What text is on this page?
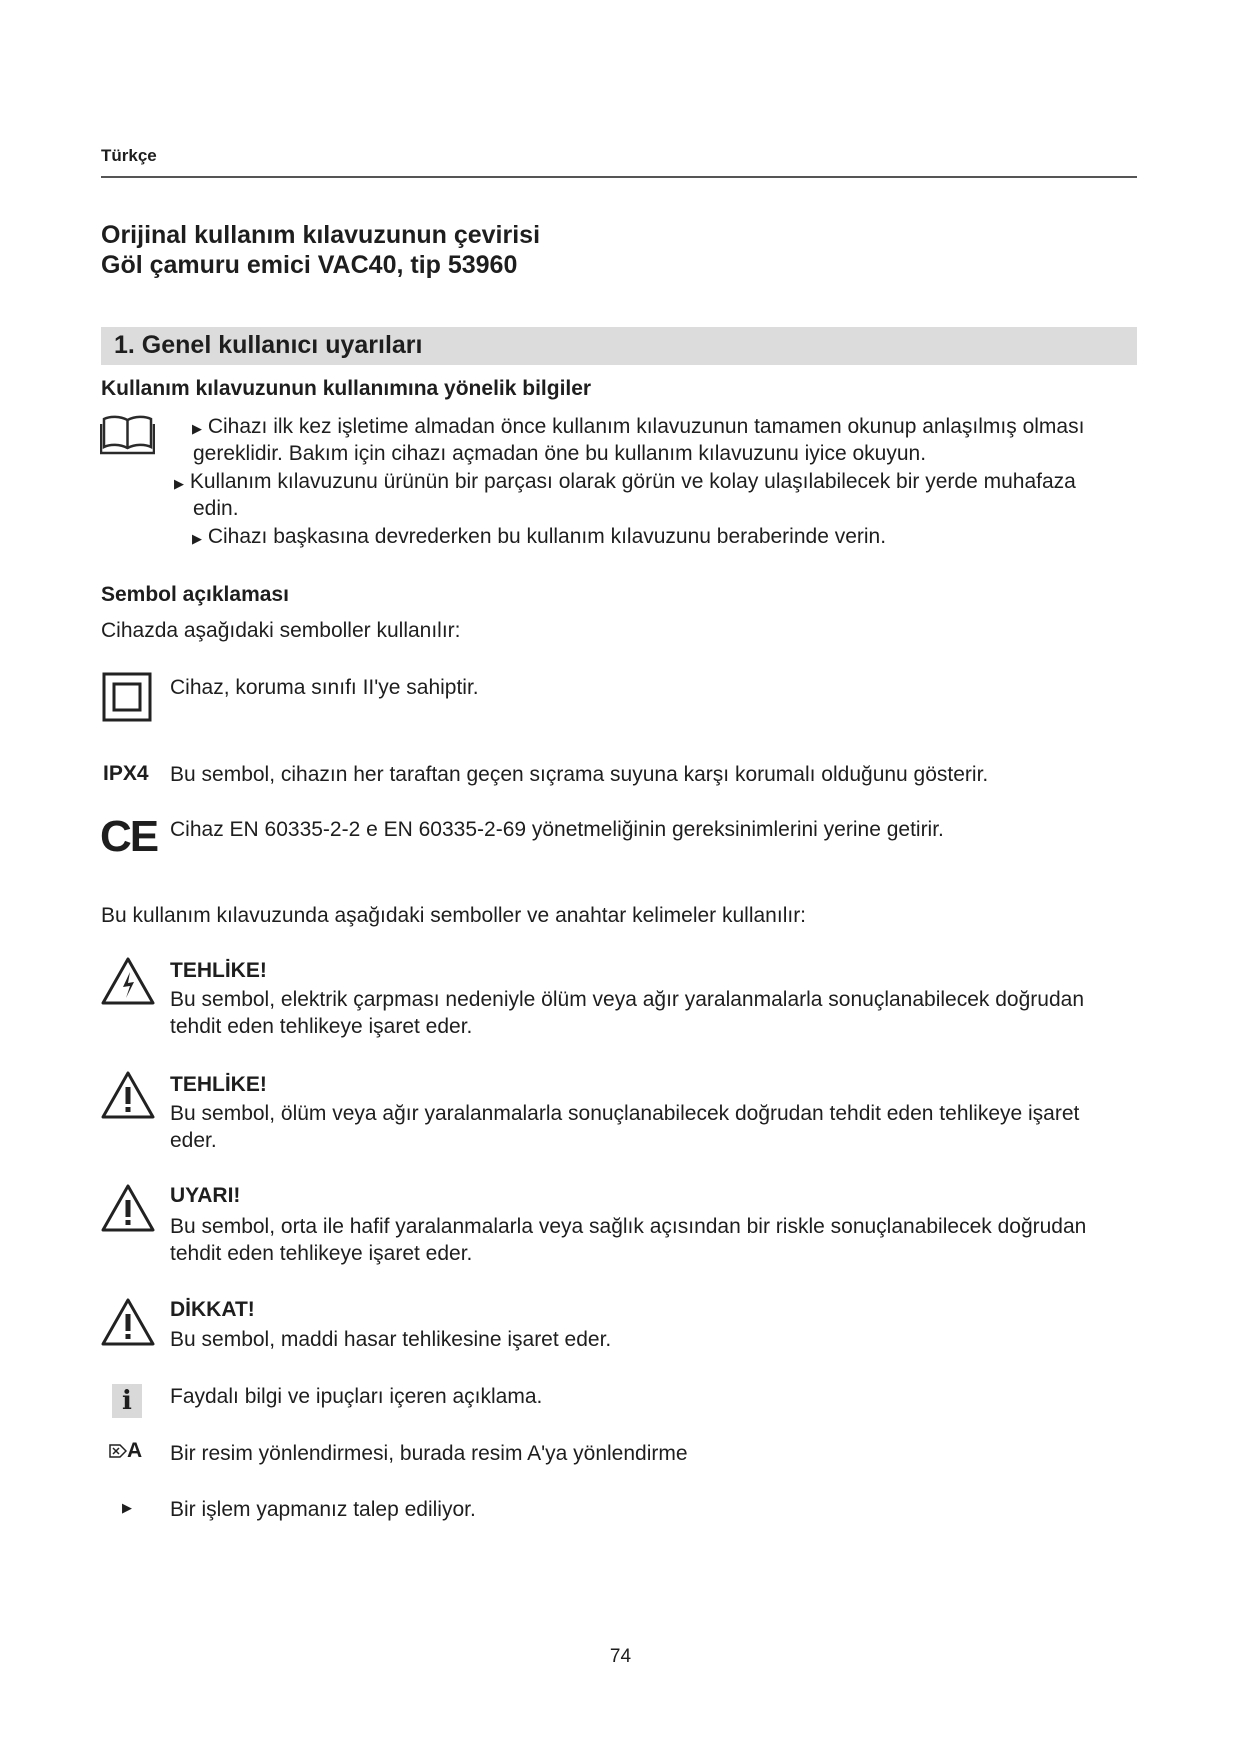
Türkçe
Orijinal kullanım kılavuzunun çevirisi
Göl çamuru emici VAC40, tip 53960
1. Genel kullanıcı uyarıları
Kullanım kılavuzunun kullanımına yönelik bilgiler
▶ Cihazı ilk kez işletime almadan önce kullanım kılavuzunun tamamen okunup anlaşılmış olması
gereklidir. Bakım için cihazı açmadan öne bu kullanım kılavuzunu iyice okuyun.
▶ Kullanım kılavuzunu ürünün bir parçası olarak görün ve kolay ulaşılabilecek bir yerde muhafaza
edin.
▶ Cihazı başkasına devrederken bu kullanım kılavuzunu beraberinde verin.
Sembol açıklaması
Cihazda aşağıdaki semboller kullanılır:
Cihaz, koruma sınıfı II'ye sahiptir.
IPX4 Bu sembol, cihazın her taraftan geçen sıçrama suyuna karşı korumalı olduğunu gösterir.
CE Cihaz EN 60335-2-2 e EN 60335-2-69 yönetmeliğinin gereksinimlerini yerine getirir.
Bu kullanım kılavuzunda aşağıdaki semboller ve anahtar kelimeler kullanılır:
TEHLİKE!
Bu sembol, elektrik çarpması nedeniyle ölüm veya ağır yaralanmalarla sonuçlanabilecek doğrudan
tehdit eden tehlikeye işaret eder.
TEHLİKE!
Bu sembol, ölüm veya ağır yaralanmalarla sonuçlanabilecek doğrudan tehdit eden tehlikeye işaret
eder.
UYARI!
Bu sembol, orta ile hafif yaralanmalarla veya sağlık açısından bir riskle sonuçlanabilecek doğrudan
tehdit eden tehlikeye işaret eder.
DİKKAT!
Bu sembol, maddi hasar tehlikesine işaret eder.
i	Faydalı bilgi ve ipuçları içeren açıklama.
A Bir resim yönlendirmesi, burada resim A'ya yönlendirme
▶ Bir işlem yapmanız talep ediliyor.
74
